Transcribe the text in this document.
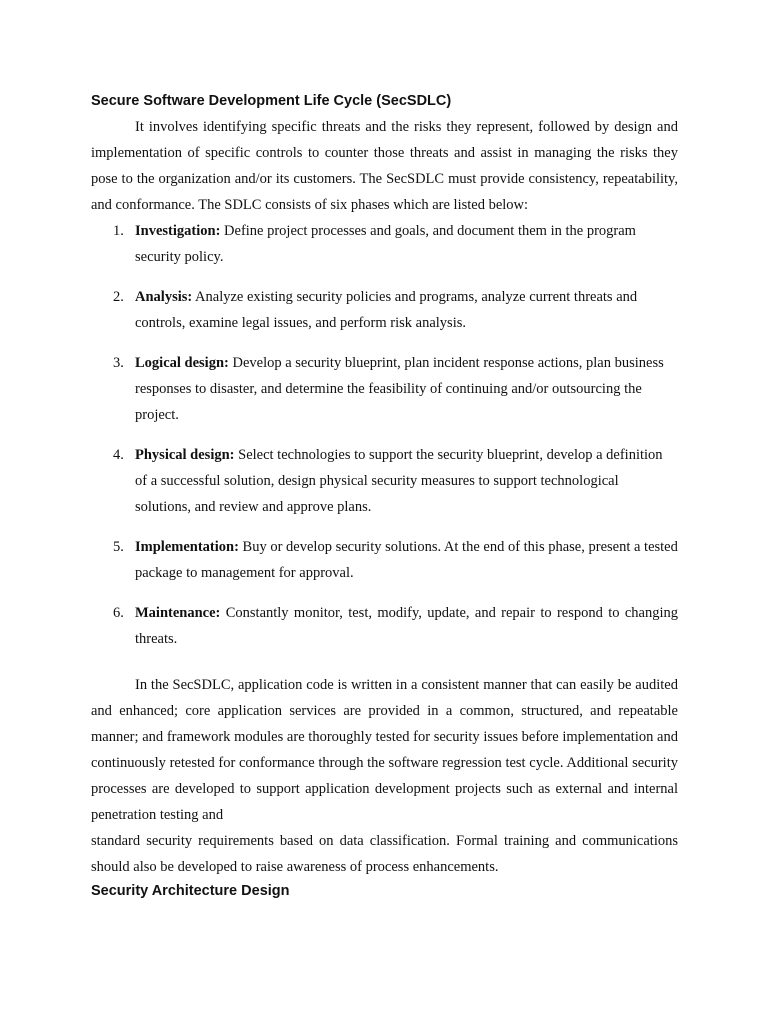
Secure Software Development Life Cycle (SecSDLC)

It involves identifying specific threats and the risks they represent, followed by design and implementation of specific controls to counter those threats and assist in managing the risks they pose to the organization and/or its customers. The SecSDLC must provide consistency, repeatability, and conformance. The SDLC consists of six phases which are listed below:

1. Investigation: Define project processes and goals, and document them in the program security policy.
2. Analysis: Analyze existing security policies and programs, analyze current threats and controls, examine legal issues, and perform risk analysis.
3. Logical design: Develop a security blueprint, plan incident response actions, plan business responses to disaster, and determine the feasibility of continuing and/or outsourcing the project.
4. Physical design: Select technologies to support the security blueprint, develop a definition of a successful solution, design physical security measures to support technological solutions, and review and approve plans.
5. Implementation: Buy or develop security solutions. At the end of this phase, present a tested package to management for approval.
6. Maintenance: Constantly monitor, test, modify, update, and repair to respond to changing threats.

In the SecSDLC, application code is written in a consistent manner that can easily be audited and enhanced; core application services are provided in a common, structured, and repeatable manner; and framework modules are thoroughly tested for security issues before implementation and continuously retested for conformance through the software regression test cycle. Additional security processes are developed to support application development projects such as external and internal penetration testing and

standard security requirements based on data classification. Formal training and communications should also be developed to raise awareness of process enhancements.

Security Architecture Design
